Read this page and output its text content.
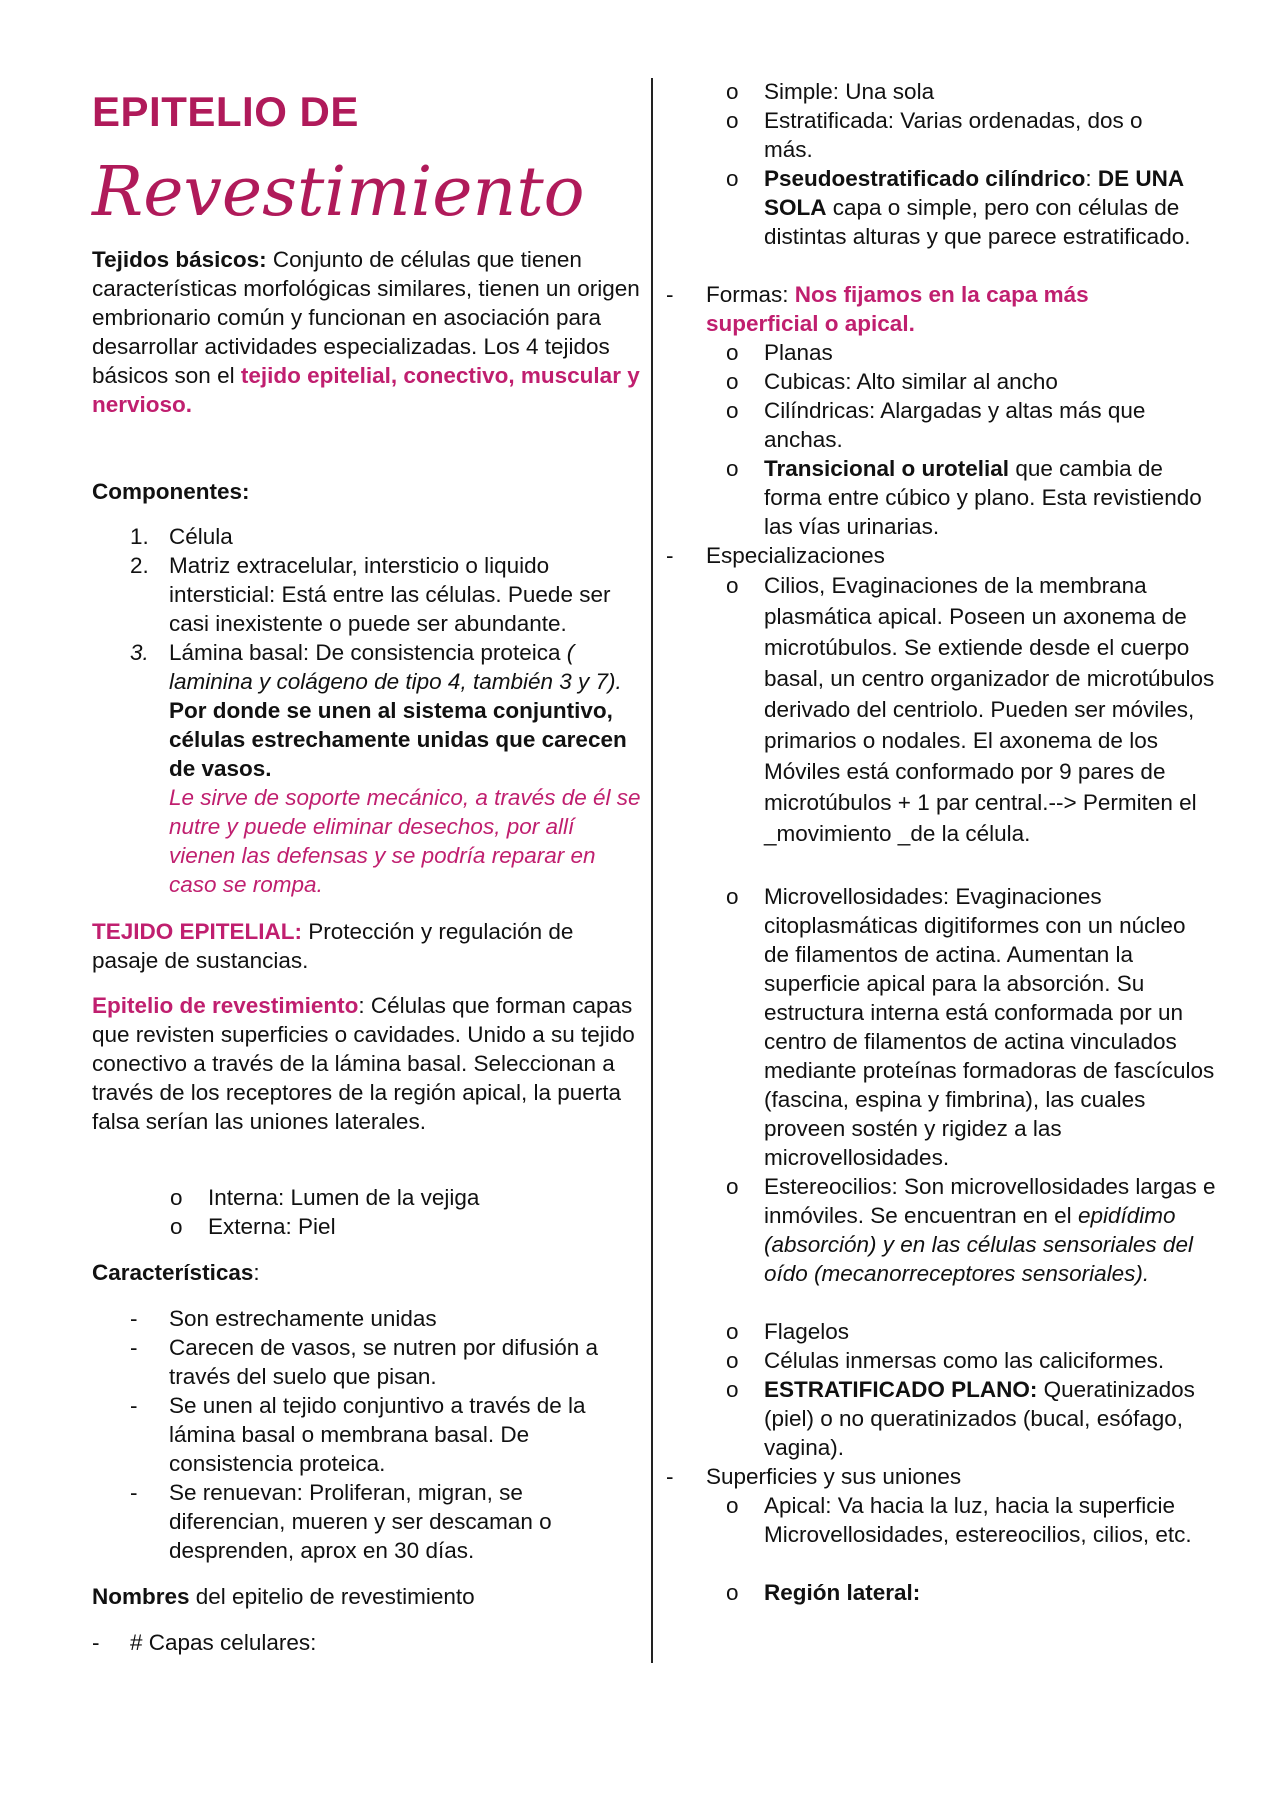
EPITELIO DE
Revestimiento

Tejidos básicos: Conjunto de células que tienen características morfológicas similares, tienen un origen embrionario común y funcionan en asociación para desarrollar actividades especializadas. Los 4 tejidos básicos son el tejido epitelial, conectivo, muscular y nervioso.

Componentes:

1. Célula
2. Matriz extracelular, intersticio o liquido intersticial: Está entre las células. Puede ser casi inexistente o puede ser abundante.
3. Lámina basal: De consistencia proteica ( laminina y colágeno de tipo 4, también 3 y 7). Por donde se unen al sistema conjuntivo, células estrechamente unidas que carecen de vasos.
Le sirve de soporte mecánico, a través de él se nutre y puede eliminar desechos, por allí vienen las defensas y se podría reparar en caso se rompa.

TEJIDO EPITELIAL: Protección y regulación de pasaje de sustancias.

Epitelio de revestimiento: Células que forman capas que revisten superficies o cavidades. Unido a su tejido conectivo a través de la lámina basal. Seleccionan a través de los receptores de la región apical, la puerta falsa serían las uniones laterales.

o Interna: Lumen de la vejiga
o Externa: Piel

Características:

- Son estrechamente unidas
- Carecen de vasos, se nutren por difusión a través del suelo que pisan.
- Se unen al tejido conjuntivo a través de la lámina basal o membrana basal. De consistencia proteica.
- Se renuevan: Proliferan, migran, se diferencian, mueren y ser descaman o desprenden, aprox en 30 días.

Nombres del epitelio de revestimiento

- # Capas celulares:
o Simple: Una sola
o Estratificada: Varias ordenadas, dos o más.
o Pseudoestratificado cilíndrico: DE UNA SOLA capa o simple, pero con células de distintas alturas y que parece estratificado.
- Formas: Nos fijamos en la capa más superficial o apical.
o Planas
o Cubicas: Alto similar al ancho
o Cilíndricas: Alargadas y altas más que anchas.
o Transicional o urotelial que cambia de forma entre cúbico y plano. Esta revistiendo las vías urinarias.
- Especializaciones
o Cilios, Evaginaciones de la membrana plasmática apical. Poseen un axonema de microtúbulos. Se extiende desde el cuerpo basal, un centro organizador de microtúbulos derivado del centriolo. Pueden ser móviles, primarios o nodales. El axonema de los Móviles está conformado por 9 pares de microtúbulos + 1 par central.--> Permiten el _movimiento _de la célula.
o Microvellosidades: Evaginaciones citoplasmáticas digitiformes con un núcleo de filamentos de actina. Aumentan la superficie apical para la absorción. Su estructura interna está conformada por un centro de filamentos de actina vinculados mediante proteínas formadoras de fascículos (fascina, espina y fimbrina), las cuales proveen sostén y rigidez a las microvellosidades.
o Estereocilios: Son microvellosidades largas e inmóviles. Se encuentran en el epidídimo (absorción) y en las células sensoriales del oído (mecanorreceptores sensoriales).
o Flagelos
o Células inmersas como las caliciformes.
o ESTRATIFICADO PLANO: Queratinizados (piel) o no queratinizados (bucal, esófago, vagina).
- Superficies y sus uniones
o Apical: Va hacia la luz, hacia la superficie Microvellosidades, estereocilios, cilios, etc.
o Región lateral:
